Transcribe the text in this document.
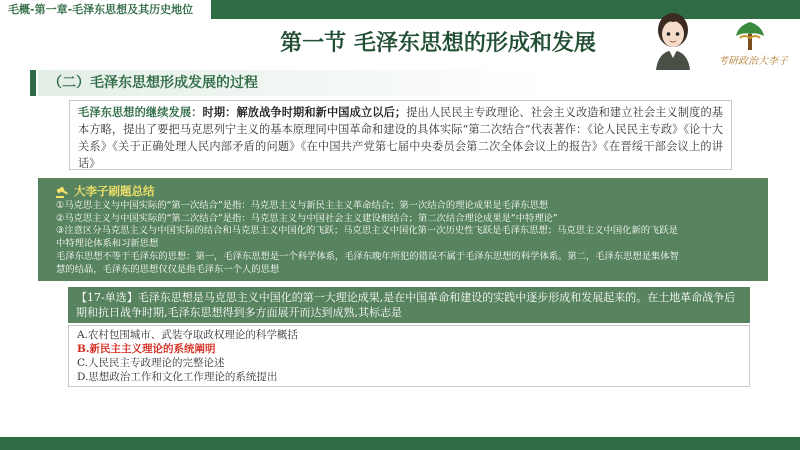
毛概-第一章-毛泽东思想及其历史地位
第一节 毛泽东思想的形成和发展
考研政治大李子
（二）毛泽东思想形成发展的过程
毛泽东思想的继续发展：时期：解放战争时期和新中国成立以后；提出人民民主专政理论、社会主义改造和建立社会主义制度的基本方略，提出了要把马克思列宁主义的基本原理同中国革命和建设的具体实际“第二次结合”代表著作：《论人民民主专政》《论十大关系》《关于正确处理人民内部矛盾的问题》《在中国共产党第七届中央委员会第二次全体会议上的报告》《在晋绥干部会议上的讲话》
大李子刷题总结
①马克思主义与中国实际的“第一次结合”是指：马克思主义与新民主主义革命结合；第一次结合的理论成果是毛泽东思想
②马克思主义与中国实际的“第二次结合”是指：马克思主义与中国社会主义建设相结合；第二次结合理论成果是“中特理论”
③注意区分马克思主义与中国实际的结合和马克思主义中国化的飞跃；马克思主义中国化第一次历史性飞跃是毛泽东思想；马克思主义中国化新的飞跃是
中特理论体系和习新思想
毛泽东思想不等于毛泽东的思想：第一，毛泽东思想是一个科学体系，毛泽东晚年所犯的错误不属于毛泽东思想的科学体系。第二，毛泽东思想是集体智
慧的结晶，毛泽东的思想仅仅是指毛泽东一个人的思想
【17-单选】毛泽东思想是马克思主义中国化的第一大理论成果,是在中国革命和建设的实践中逐步形成和发展起来的。在土地革命战争后期和抗日战争时期,毛泽东思想得到多方面展开而达到成熟,其标志是
A.农村包围城市、武装夺取政权理论的科学概括
B.新民主主义理论的系统阐明
C.人民民主专政理论的完整论述
D.思想政治工作和文化工作理论的系统提出
